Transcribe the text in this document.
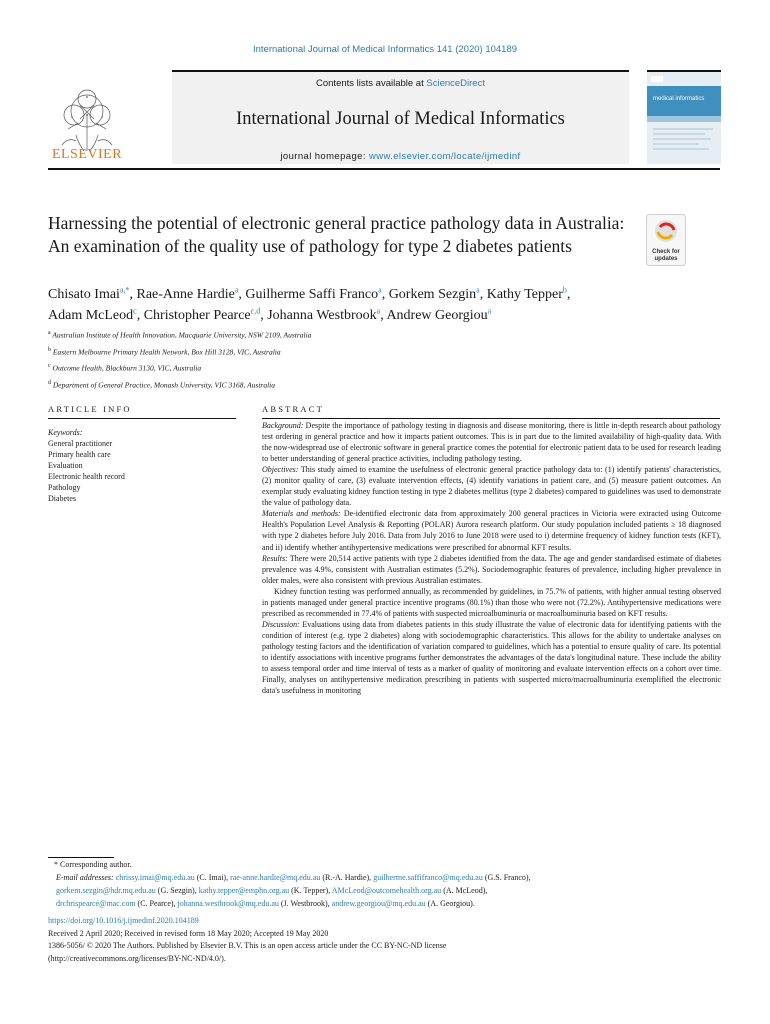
International Journal of Medical Informatics 141 (2020) 104189
Contents lists available at ScienceDirect
International Journal of Medical Informatics
journal homepage: www.elsevier.com/locate/ijmedinf
ELSEVIER
medical informatics
Harnessing the potential of electronic general practice pathology data in Australia: An examination of the quality use of pathology for type 2 diabetes patients	Check for
updates
Chisato Imai$^{a,*}$, Rae-Anne Hardie$^a$, Guilherme Saffi Franco$^a$, Gorkem Sezgin$^a$, Kathy Tepper$^b$,
Adam McLeod$^c$, Christopher Pearce$^{c,d}$, Johanna Westbrook$^a$, Andrew Georgiou$^a$
$^a$ Australian Institute of Health Innovation, Macquarie University, NSW 2109, Australia
$^b$ Eastern Melbourne Primary Health Network, Box Hill 3128, VIC, Australia
$^c$ Outcome Health, Blackburn 3130, VIC, Australia
$^d$ Department of General Practice, Monash University, VIC 3168, Australia
ARTICLE INFO	ABSTRACT
Keywords:
General practitioner
Primary health care
Evaluation
Electronic health record
Pathology
Diabetes

Background: Despite the importance of pathology testing in diagnosis and disease monitoring, there is little in-depth research about pathology test ordering in general practice and how it impacts patient outcomes. This is in part due to the limited availability of high-quality data. With the now-widespread use of electronic software in general practice comes the potential for electronic patient data to be used for research leading to better understanding of general practice activities, including pathology testing.

Objectives: This study aimed to examine the usefulness of electronic general practice pathology data to: (1) identify patients' characteristics, (2) monitor quality of care, (3) evaluate intervention effects, (4) identify variations in patient care, and (5) measure patient outcomes. An exemplar study evaluating kidney function testing in type 2 diabetes mellitus (type 2 diabetes) compared to guidelines was used to demonstrate the value of pathology data.

Materials and methods: De-identified electronic data from approximately 200 general practices in Victoria were extracted using Outcome Health's Population Level Analysis & Reporting (POLAR) Aurora research platform. Our study population included patients ≥ 18 diagnosed with type 2 diabetes before July 2016. Data from July 2016 to June 2018 were used to i) determine frequency of kidney function tests (KFT), and ii) identify whether antihypertensive medications were prescribed for abnormal KFT results.

Results: There were 20,514 active patients with type 2 diabetes identified from the data. The age and gender standardised estimate of diabetes prevalence was 4.9%, consistent with Australian estimates (5.2%). Sociodemographic features of prevalence, including higher prevalence in older males, were also consistent with previous Australian estimates.

Kidney function testing was performed annually, as recommended by guidelines, in 75.7% of patients, with higher annual testing observed in patients managed under general practice incentive programs (80.1%) than those who were not (72.2%). Antihypertensive medications were prescribed as recommended in 77.4% of patients with suspected microalbuminuria or macroalbuminuria based on KFT results.

Discussion: Evaluations using data from diabetes patients in this study illustrate the value of electronic data for identifying patients with the condition of interest (e.g. type 2 diabetes) along with sociodemographic characteristics. This allows for the ability to undertake analyses on pathology testing factors and the identification of variation compared to guidelines, which has a potential to ensure quality of care. Its potential to identify associations with incentive programs further demonstrates the advantages of the data's longitudinal nature. These include the ability to assess temporal order and time interval of tests as a marker of quality of monitoring and evaluate intervention effects on a cohort over time. Finally, analyses on antihypertensive medication prescribing in patients with suspected micro/macroalbuminuria exemplified the electronic data's usefulness in monitoring

* Corresponding author.

E-mail addresses: chrissy.imai@mq.edu.au (C. Imai), rae-anne.hardie@mq.edu.au (R.-A. Hardie), guilherme.saffifranco@mq.edu.au (G.S. Franco),
gorkem.sezgin@hdr.mq.edu.au (G. Sezgin), kathy.tepper@emphn.org.au (K. Tepper), AMcLeod@outcomehealth.org.au (A. McLeod),
drchrispearce@mac.com (C. Pearce), johanna.westbrook@mq.edu.au (J. Westbrook), andrew.georgiou@mq.edu.au (A. Georgiou).

https://doi.org/10.1016/j.ijmedinf.2020.104189

Received 2 April 2020; Received in revised form 18 May 2020; Accepted 19 May 2020

1386-5056/ © 2020 The Authors. Published by Elsevier B.V. This is an open access article under the CC BY-NC-ND license

(http://creativecommons.org/licenses/BY-NC-ND/4.0/).
